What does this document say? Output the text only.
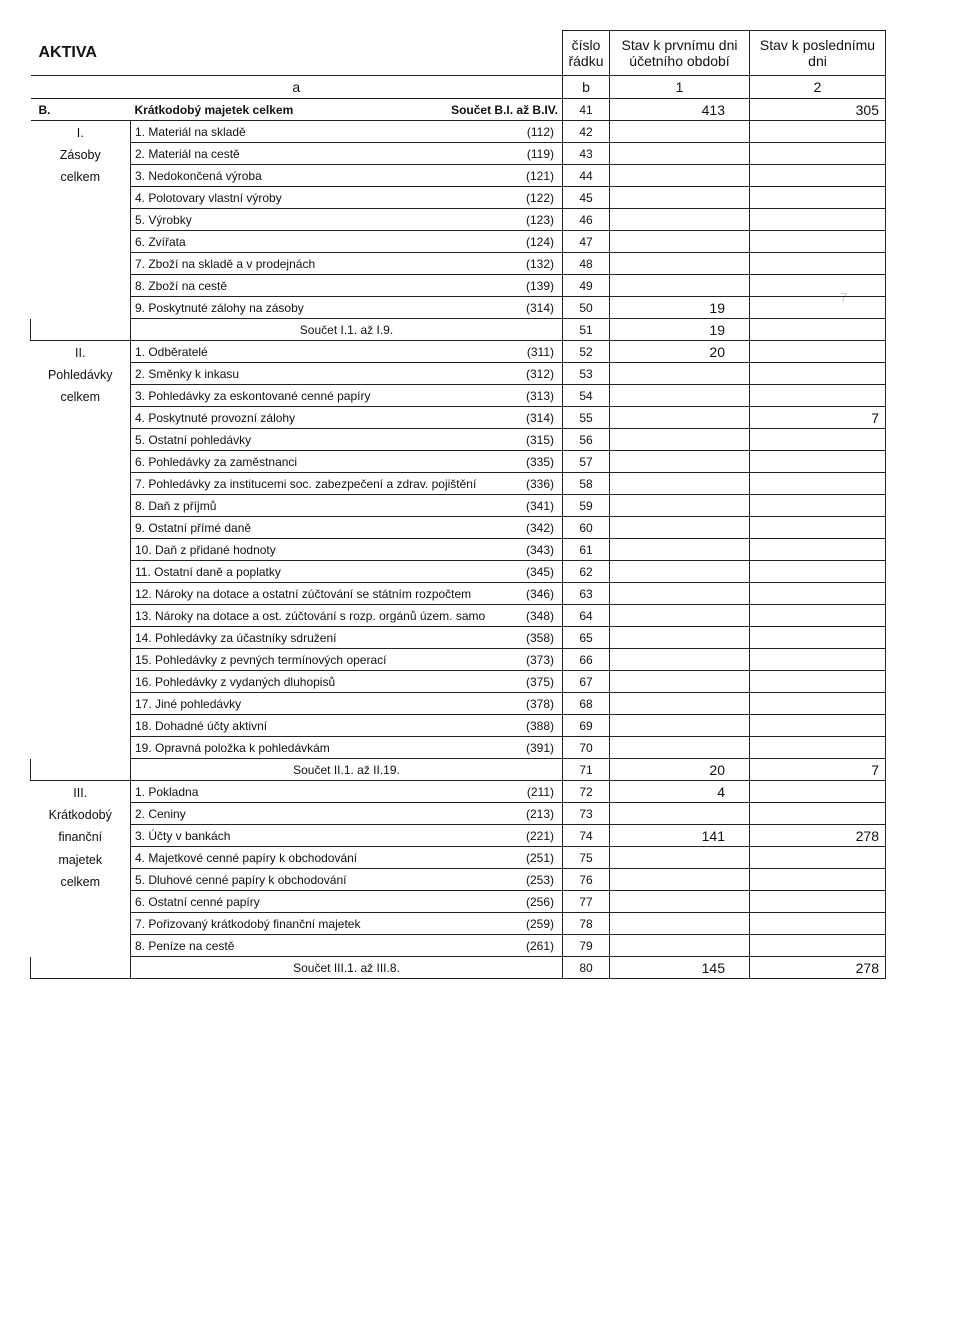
7
AKTIVA			číslo řádku	Stav k prvnímu dni účetního období	Stav k poslednímu dni
a			b	1	2
B.	Krátkodobý majetek celkem	Součet B.I. až B.IV.	41	413	305

I.
Zásoby
celkem	1. Materiál na skladě	(112)	42		
	2. Materiál na cestě	(119)	43		
	3. Nedokončená výroba	(121)	44		
	4. Polotovary vlastní výroby	(122)	45		
	5. Výrobky	(123)	46		
	6. Zvířata	(124)	47		
	7. Zboží na skladě a v prodejnách	(132)	48		
	8. Zboží na cestě	(139)	49		
	9. Poskytnuté zálohy na zásoby	(314)	50	19	
	Součet I.1. až I.9.		51	19	

II.
Pohledávky
celkem	1. Odběratelé	(311)	52	20	
	2. Směnky k inkasu	(312)	53		
	3. Pohledávky za eskontované cenné papíry	(313)	54		
	4. Poskytnuté provozní zálohy	(314)	55		7
	5. Ostatní pohledávky	(315)	56		
	6. Pohledávky za zaměstnanci	(335)	57		
	7. Pohledávky za institucemi soc. zabezpečení a zdrav. pojištění	(336)	58		
	8. Daň z příjmů	(341)	59		
	9. Ostatní přímé daně	(342)	60		
	10. Daň z přidané hodnoty	(343)	61		
	11. Ostatní daně a poplatky	(345)	62		
	12. Nároky na dotace a ostatní zúčtování se státním rozpočtem	(346)	63		
	13. Nároky na dotace a ost. zúčtování s rozp. orgánů územ. samo	(348)	64		
	14. Pohledávky za účastníky sdružení	(358)	65		
	15. Pohledávky z pevných termínových operací	(373)	66		
	16. Pohledávky z vydaných dluhopisů	(375)	67		
	17. Jiné pohledávky	(378)	68		
	18. Dohadné účty aktivní	(388)	69		
	19. Opravná položka k pohledávkám	(391)	70		
	Součet II.1. až II.19.		71	20	7

III.
Krátkodobý
finanční
majetek
celkem	1. Pokladna	(211)	72	4	
	2. Ceniny	(213)	73		
	3. Účty v bankách	(221)	74	141	278
	4. Majetkové cenné papíry k obchodování	(251)	75		
	5. Dluhové cenné papíry k obchodování	(253)	76		
	6. Ostatní cenné papíry	(256)	77		
	7. Pořizovaný krátkodobý finanční majetek	(259)	78		
	8. Peníze na cestě	(261)	79		
	Součet III.1. až III.8.		80	145	278
